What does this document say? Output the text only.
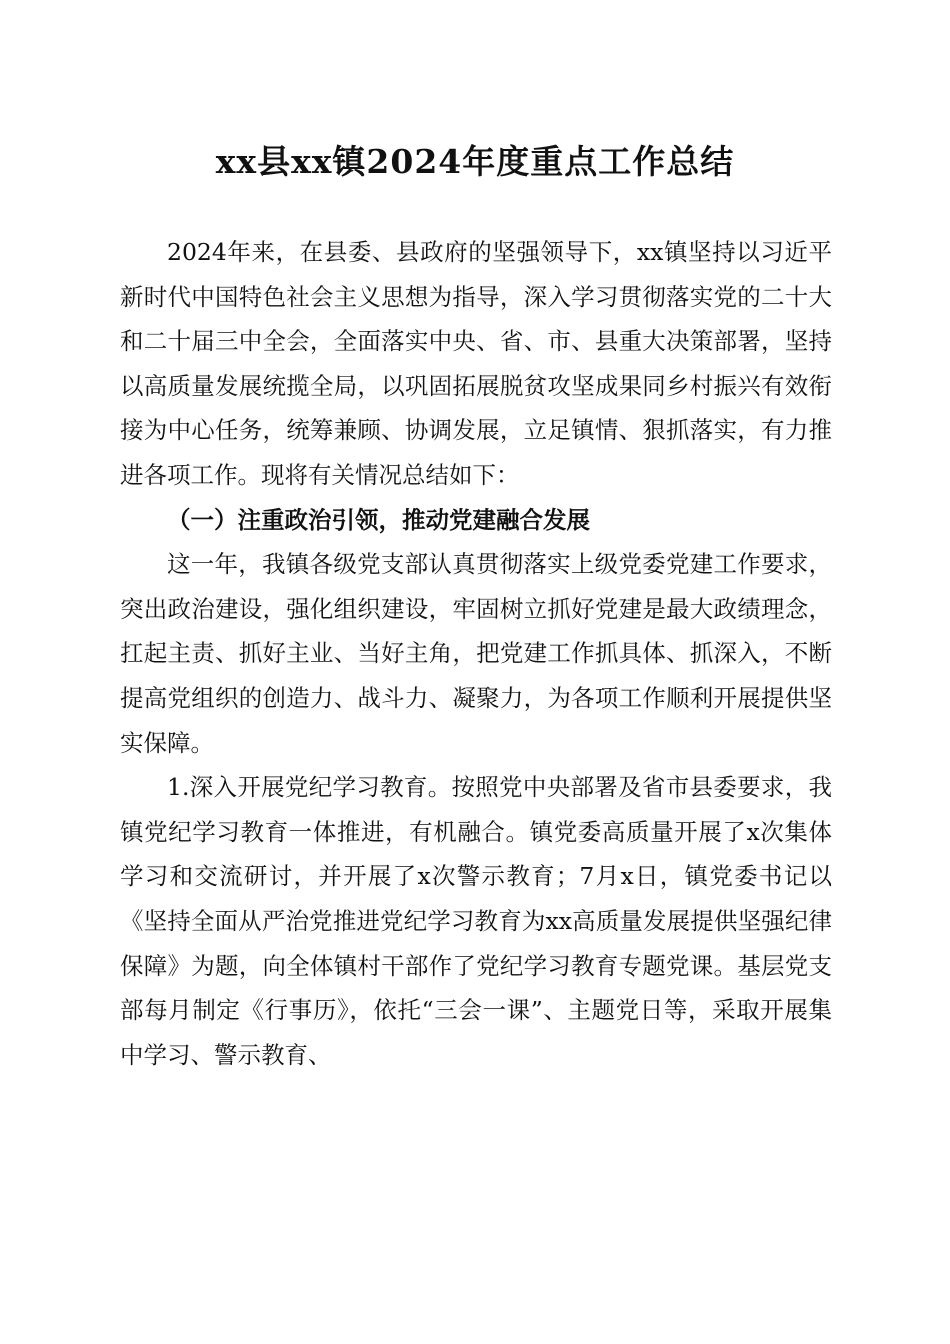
xx县xx镇2024年度重点工作总结

2024年来，在县委、县政府的坚强领导下，xx镇坚持以习近平新时代中国特色社会主义思想为指导，深入学习贯彻落实党的二十大和二十届三中全会，全面落实中央、省、市、县重大决策部署，坚持以高质量发展统揽全局，以巩固拓展脱贫攻坚成果同乡村振兴有效衔接为中心任务，统筹兼顾、协调发展，立足镇情、狠抓落实，有力推进各项工作。现将有关情况总结如下：

（一）注重政治引领，推动党建融合发展

这一年，我镇各级党支部认真贯彻落实上级党委党建工作要求，突出政治建设，强化组织建设，牢固树立抓好党建是最大政绩理念，扛起主责、抓好主业、当好主角，把党建工作抓具体、抓深入，不断提高党组织的创造力、战斗力、凝聚力，为各项工作顺利开展提供坚实保障。

1.深入开展党纪学习教育。按照党中央部署及省市县委要求，我镇党纪学习教育一体推进，有机融合。镇党委高质量开展了x次集体学习和交流研讨，并开展了x次警示教育；7月x日，镇党委书记以《坚持全面从严治党推进党纪学习教育为xx高质量发展提供坚强纪律保障》为题，向全体镇村干部作了党纪学习教育专题党课。基层党支部每月制定《行事历》，依托“三会一课”、主题党日等，采取开展集中学习、警示教育、
